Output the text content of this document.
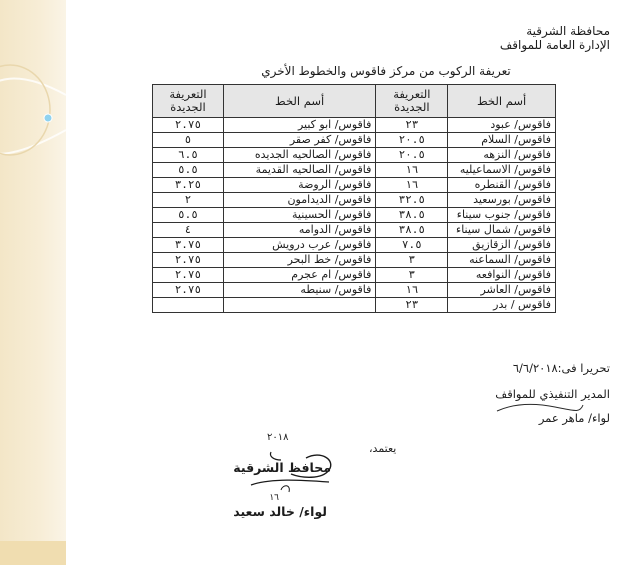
محافظة الشرقية
الإدارة العامة للمواقف
تعريفة الركوب من مركز فاقوس والخطوط الأخري
أسم الخط	التعريفة الجديدة	أسم الخط	التعريفة الجديدة
فاقوس/ عبود	٢٣	فاقوس/ ابو كبير	٢.٧٥
فاقوس/ السلام	٢٠.٥	فاقوس/ كفر صقر	٥
فاقوس/ النزهه	٢٠.٥	فاقوس/ الصالحيه الجديده	٦.٥
فاقوس/ الاسماعيليه	١٦	فاقوس/ الصالحيه القديمة	٥.٥
فاقوس/ القنطره	١٦	فاقوس/ الروضة	٣.٢٥
فاقوس/ بورسعيد	٣٢.٥	فاقوس/ الديدامون	٢
فاقوس/ جنوب سيناء	٣٨.٥	فاقوس/ الحسينية	٥.٥
فاقوس/ شمال سيناء	٣٨.٥	فاقوس/ الدوامه	٤
فاقوس/ الزقازيق	٧.٥	فاقوس/ عرب درويش	٣.٧٥
فاقوس/ السماعنه	٣	فاقوس/ خط البحر	٢.٧٥
فاقوس/ النوافعه	٣	فاقوس/ ام عجرم	٢.٧٥
فاقوس/ العاشر	١٦	فاقوس/ سنيطه	٢.٧٥
فاقوس / بدر	٢٣		
تحريرا فى:٦/٦/٢٠١٨
المدير التنفيذي للمواقف
لواء/ ماهر عمر
يعتمد،
٢٠١٨
١٦
محافظ الشرقية
لواء/ خالد سعيد
